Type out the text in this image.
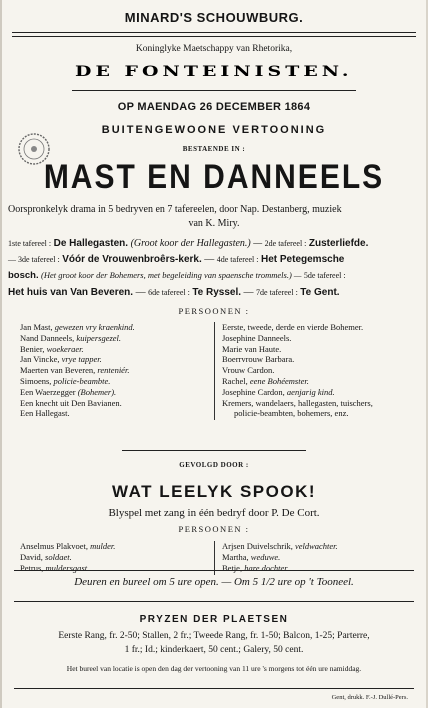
MINARD'S SCHOUWBURG.
Koninglyke Maetschappy van Rhetorika,
DE FONTEINISTEN.
OP MAENDAG 26 DECEMBER 1864
BUITENGEWOONE VERTOONING
BESTAENDE IN :
MAST EN DANNEELS
Oorspronkelyk drama in 5 bedryven en 7 tafereelen, door Nap. Destanberg, muziek
van K. Miry.
1ste tafereel : De Hallegasten. (Groot koor der Hallegasten.) — 2de tafereel : Zusterliefde.
— 3de tafereel : Vóór de Vrouwenbroêrs-kerk. — 4de tafereel : Het Petegemsche
bosch. (Het groot koor der Bohemers, met begeleiding van spaensche trommels.) — 5de tafereel :
Het huis van Van Beveren. — 6de tafereel : Te Ryssel. — 7de tafereel : Te Gent.
PERSOONEN :
Jan Mast, gewezen vry kraenkind.
Nand Danneels, kuipersgezel.
Benier, woekeraer.
Jan Vincke, vrye tapper.
Maerten van Beveren, renteniér.
Simoens, policie-beambte.
Een Waerzegger (Bohemer).
Een knecht uit Den Bavianen.
Een Hallegast.
Eerste, tweede, derde en vierde Bohemer.
Josephine Danneels.
Marie van Haute.
Boerrvrouw Barbara.
Vrouw Cardon.
Rachel, eene Bohéemster.
Josephine Cardon, aenjarig kind.
Kremers, wandelaers, hallegasten, tuischers,
policie-beambten, bohemers, enz.
GEVOLGD DOOR :
WAT LEELYK SPOOK!
Blyspel met zang in één bedryf door P. De Cort.
PERSOONEN :
Anselmus Plakvoet, mulder.
David, soldaet.
Petrus, muldersgast.
Arjsen Duivelschrik, veldwachter.
Martha, weduwe.
Betje, hare dochter.
Deuren en bureel om 5 ure open. — Om 5 1/2 ure op 't Tooneel.
PRYZEN DER PLAETSEN
Eerste Rang, fr. 2-50; Stallen, 2 fr.; Tweede Rang, fr. 1-50; Balcon, 1-25; Parterre,
1 fr.; Id.; kinderkaert, 50 cent.; Galery, 50 cent.
Het bureel van locatie is open den dag der vertooning van 11 ure 's morgens tot één ure namiddag.
Gent, drukk. F.-J. Dullé-Pers.
